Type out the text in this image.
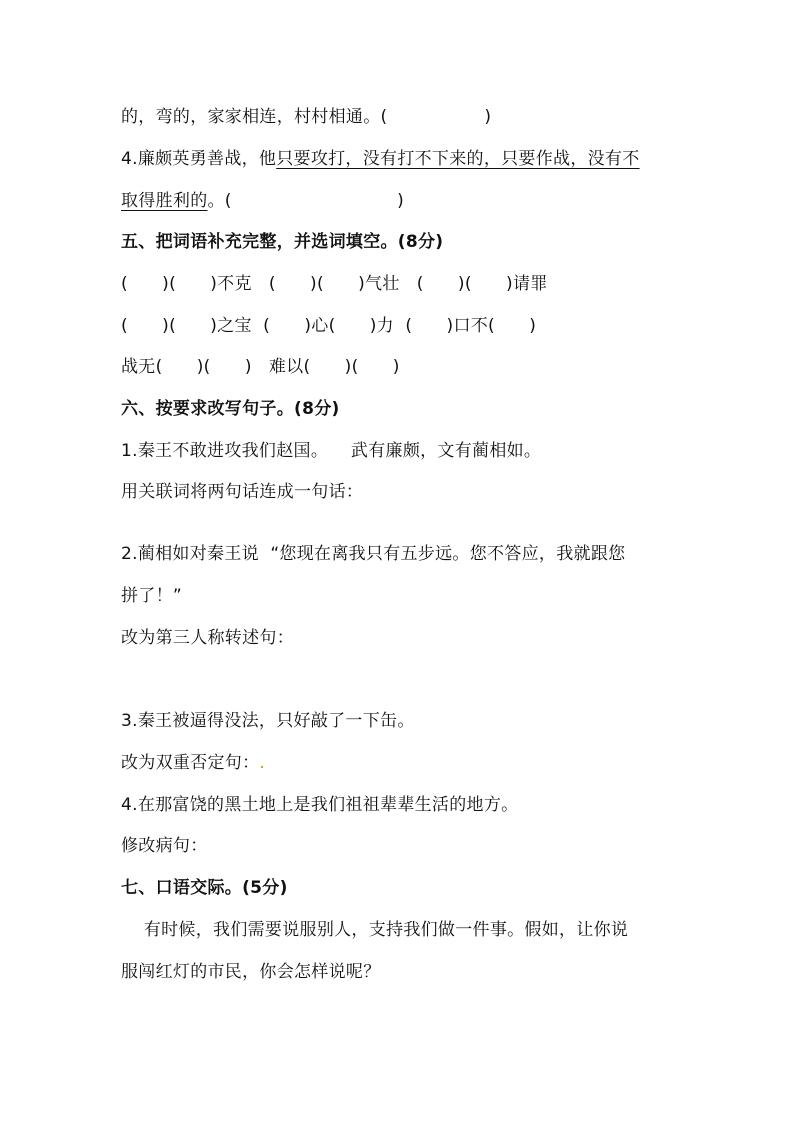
的，弯的，家家相连，村村相通。(                 )
4.廉颇英勇善战，他只要攻打，没有打不下来的，只要作战，没有不
取得胜利的。(                             )
五、把词语补充完整，并选词填空。(8分)
(      )(      )不克   (      )(      )气壮   (      )(      )请罪
(      )(      )之宝  (      )心(      )力  (      )口不(      )
战无(      )(      )   难以(      )(      )
六、按要求改写句子。(8分)
1.秦王不敢进攻我们赵国。    武有廉颇，文有蔺相如。
用关联词将两句话连成一句话：
2.蔺相如对秦王说  “您现在离我只有五步远。您不答应，我就跟您
拼了！”
改为第三人称转述句：
3.秦王被逼得没法，只好敲了一下缶。
改为双重否定句：.
4.在那富饶的黑土地上是我们祖祖辈辈生活的地方。
修改病句：
七、口语交际。(5分)
有时候，我们需要说服别人，支持我们做一件事。假如，让你说
服闯红灯的市民，你会怎样说呢？
